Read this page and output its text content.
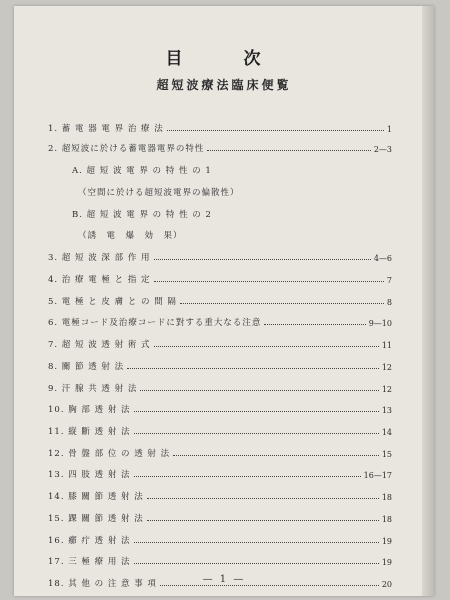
目　次
超短波療法臨床便覧
1. 蓄 電 器 電 界 治 療 法	1
2. 超短波に於ける蓄電器電界の特性	2—3
A. 超 短 波 電 界 の 特 性 の 1
（空間に於ける超短波電界の偏散性）
B. 超 短 波 電 界 の 特 性 の 2
（誘　電　爆　効　果）
3. 超 短 波 深 部 作 用	4—6
4. 治 療 電 極 と 指 定	7
5. 電 極 と 皮 膚 と の 間 隔	8
6. 電極コード及治療コードに對する重大なる注意	9—10
7. 超 短 波 透 射 術 式	11
8. 關 節 透 射 法	12
9. 汗 腺 共 透 射 法	12
10. 胸 部 透 射 法	13
11. 縦 斷 透 射 法	14
12. 骨 盤 部 位 の 透 射 法	15
13. 四 肢 透 射 法	16—17
14. 膝 關 節 透 射 法	18
15. 踝 關 節 透 射 法	18
16. 癤 疔 透 射 法	19
17. 三 極 療 用 法	19
18. 其 他 の 注 意 事 項	20
— 1 —
